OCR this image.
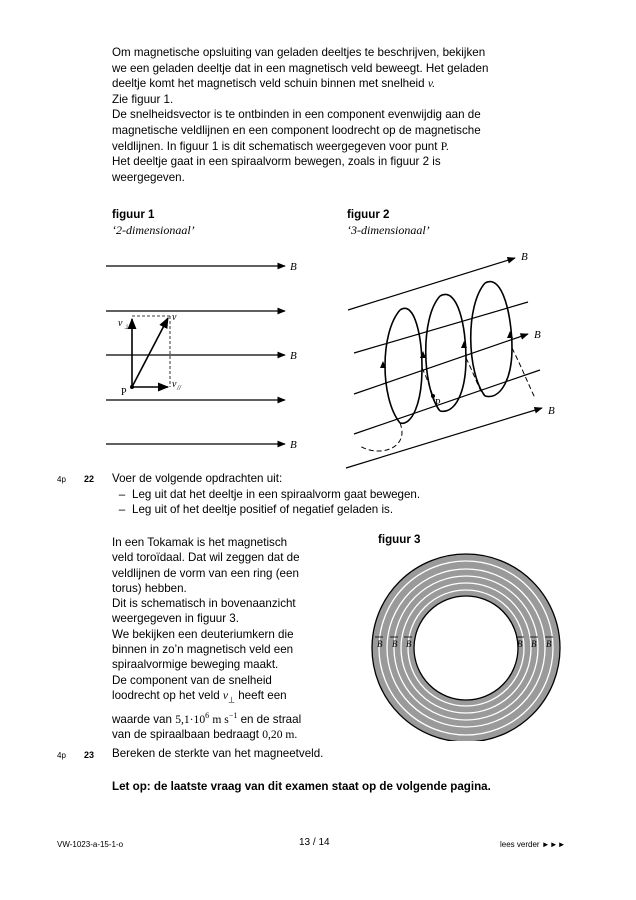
Om magnetische opsluiting van geladen deeltjes te beschrijven, bekijken
we een geladen deeltje dat in een magnetisch veld beweegt. Het geladen
deeltje komt het magnetisch veld schuin binnen met snelheid v.
Zie figuur 1.
De snelheidsvector is te ontbinden in een component evenwijdig aan de
magnetische veldlijnen en een component loodrecht op de magnetische
veldlijnen. In figuur 1 is dit schematisch weergegeven voor punt P.
Het deeltje gaat in een spiraalvorm bewegen, zoals in figuur 2 is
weergegeven.
figuur 1
‘2-dimensionaal’
figuur 2
‘3-dimensionaal’
B
B
B
v
v ⊥
v //
P
B
B
B
P
4p 22 Voer de volgende opdrachten uit:
– Leg uit dat het deeltje in een spiraalvorm gaat bewegen.
– Leg uit of het deeltje positief of negatief geladen is.
In een Tokamak is het magnetisch
veld toroïdaal. Dat wil zeggen dat de
veldlijnen de vorm van een ring (een
torus) hebben.
Dit is schematisch in bovenaanzicht
weergegeven in figuur 3.
We bekijken een deuteriumkern die
binnen in zo’n magnetisch veld een
spiraalvormige beweging maakt.
De component van de snelheid
loodrecht op het veld $v_\perp$ heeft een
waarde van $5,1\cdot 10^6$ m $s^{-1}$ en de straal
van de spiraalbaan bedraagt 0,20 m.
figuur 3
B B B	B B B
4p 23 Bereken de sterkte van het magneetveld.
Let op: de laatste vraag van dit examen staat op de volgende pagina.
VW-1023-a-15-1-o	13 / 14	lees verder ►►►
